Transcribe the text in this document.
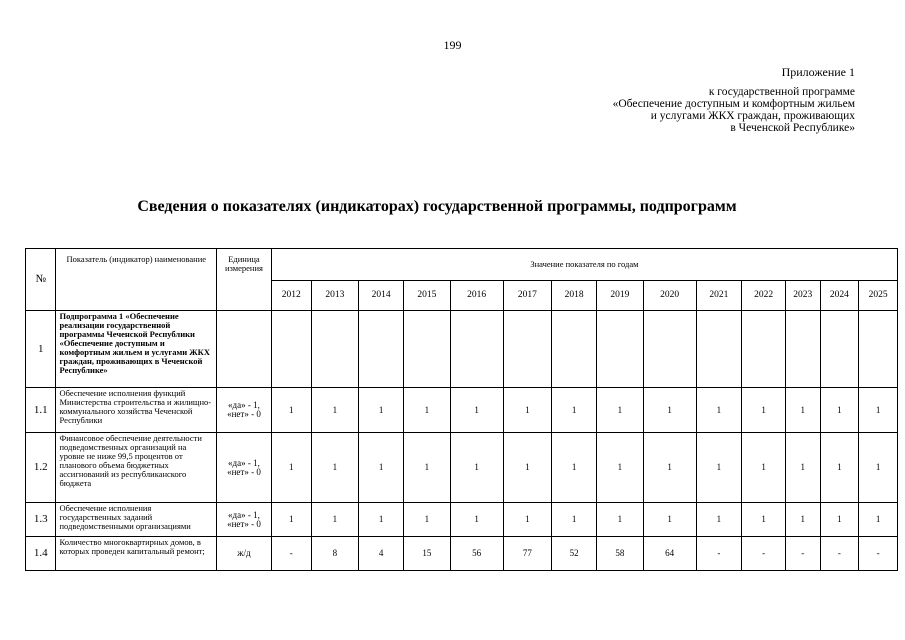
199
Приложение 1
к государственной программе
«Обеспечение доступным и комфортным жильем
и услугами ЖКХ граждан, проживающих
в Чеченской Республике»
Сведения о показателях (индикаторах) государственной программы, подпрограмм
№	Показатель (индикатор) наименование	Единица измерения	Значение показателя по годам													
			2012	2013	2014	2015	2016	2017	2018	2019	2020	2021	2022	2023	2024	2025
1	Подпрограмма 1 «Обеспечение реализации государственной программы Чеченской Республики «Обеспечение доступным и комфортным жильем и услугами ЖКХ граждан, проживающих в Чеченской Республике»															
1.1	Обеспечение исполнения функций Министерства строительства и жилищно-коммунального хозяйства Чеченской Республики	«да» - 1, «нет» - 0	1	1	1	1	1	1	1	1	1	1	1	1	1	1
1.2	Финансовое обеспечение деятельности подведомственных организаций на уровне не ниже 99,5 процентов от планового объема бюджетных ассигнований из республиканского бюджета	«да» - 1, «нет» - 0	1	1	1	1	1	1	1	1	1	1	1	1	1	1
1.3	Обеспечение исполнения государственных заданий подведомственными организациями	«да» - 1, «нет» - 0	1	1	1	1	1	1	1	1	1	1	1	1	1	1
1.4	Количество многоквартирных домов, в которых проведен капитальный ремонт;	ж/д	-	8	4	15	56	77	52	58	64	-	-	-	-	-
